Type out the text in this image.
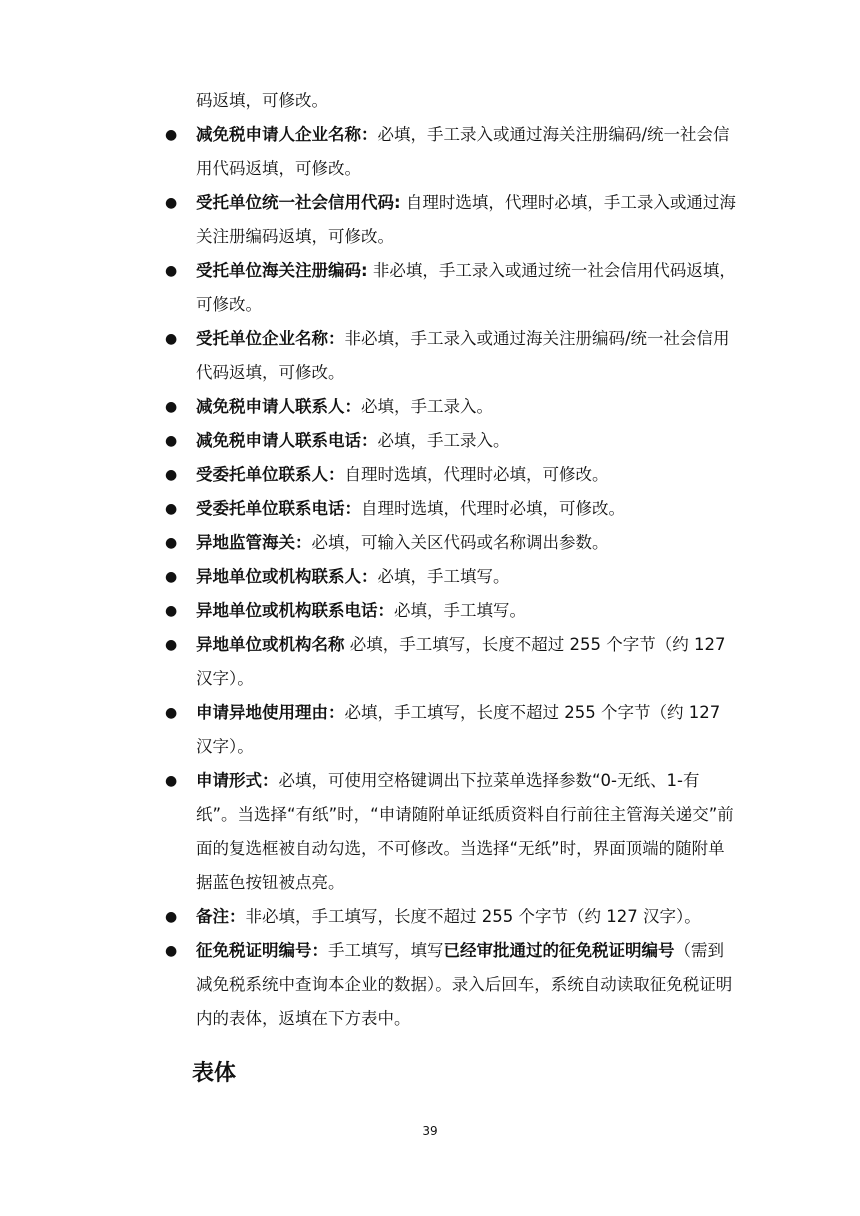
码返填，可修改。
● 减免税申请人企业名称：必填，手工录入或通过海关注册编码/统一社会信用代码返填，可修改。
● 受托单位统一社会信用代码: 自理时选填，代理时必填，手工录入或通过海关注册编码返填，可修改。
● 受托单位海关注册编码: 非必填，手工录入或通过统一社会信用代码返填，可修改。
● 受托单位企业名称：非必填，手工录入或通过海关注册编码/统一社会信用代码返填，可修改。
● 减免税申请人联系人：必填，手工录入。
● 减免税申请人联系电话：必填，手工录入。
● 受委托单位联系人：自理时选填，代理时必填，可修改。
● 受委托单位联系电话：自理时选填，代理时必填，可修改。
● 异地监管海关：必填，可输入关区代码或名称调出参数。
● 异地单位或机构联系人：必填，手工填写。
● 异地单位或机构联系电话：必填，手工填写。
● 异地单位或机构名称 必填，手工填写，长度不超过 255 个字节（约 127 汉字）。
● 申请异地使用理由：必填，手工填写，长度不超过 255 个字节（约 127 汉字）。
● 申请形式：必填，可使用空格键调出下拉菜单选择参数“0-无纸、1-有纸”。当选择“有纸”时，“申请随附单证纸质资料自行前往主管海关递交”前面的复选框被自动勾选，不可修改。当选择“无纸”时，界面顶端的随附单据蓝色按钮被点亮。
● 备注：非必填，手工填写，长度不超过 255 个字节（约 127 汉字）。
● 征免税证明编号：手工填写，填写已经审批通过的征免税证明编号（需到减免税系统中查询本企业的数据）。录入后回车，系统自动读取征免税证明内的表体，返填在下方表中。
表体
39
